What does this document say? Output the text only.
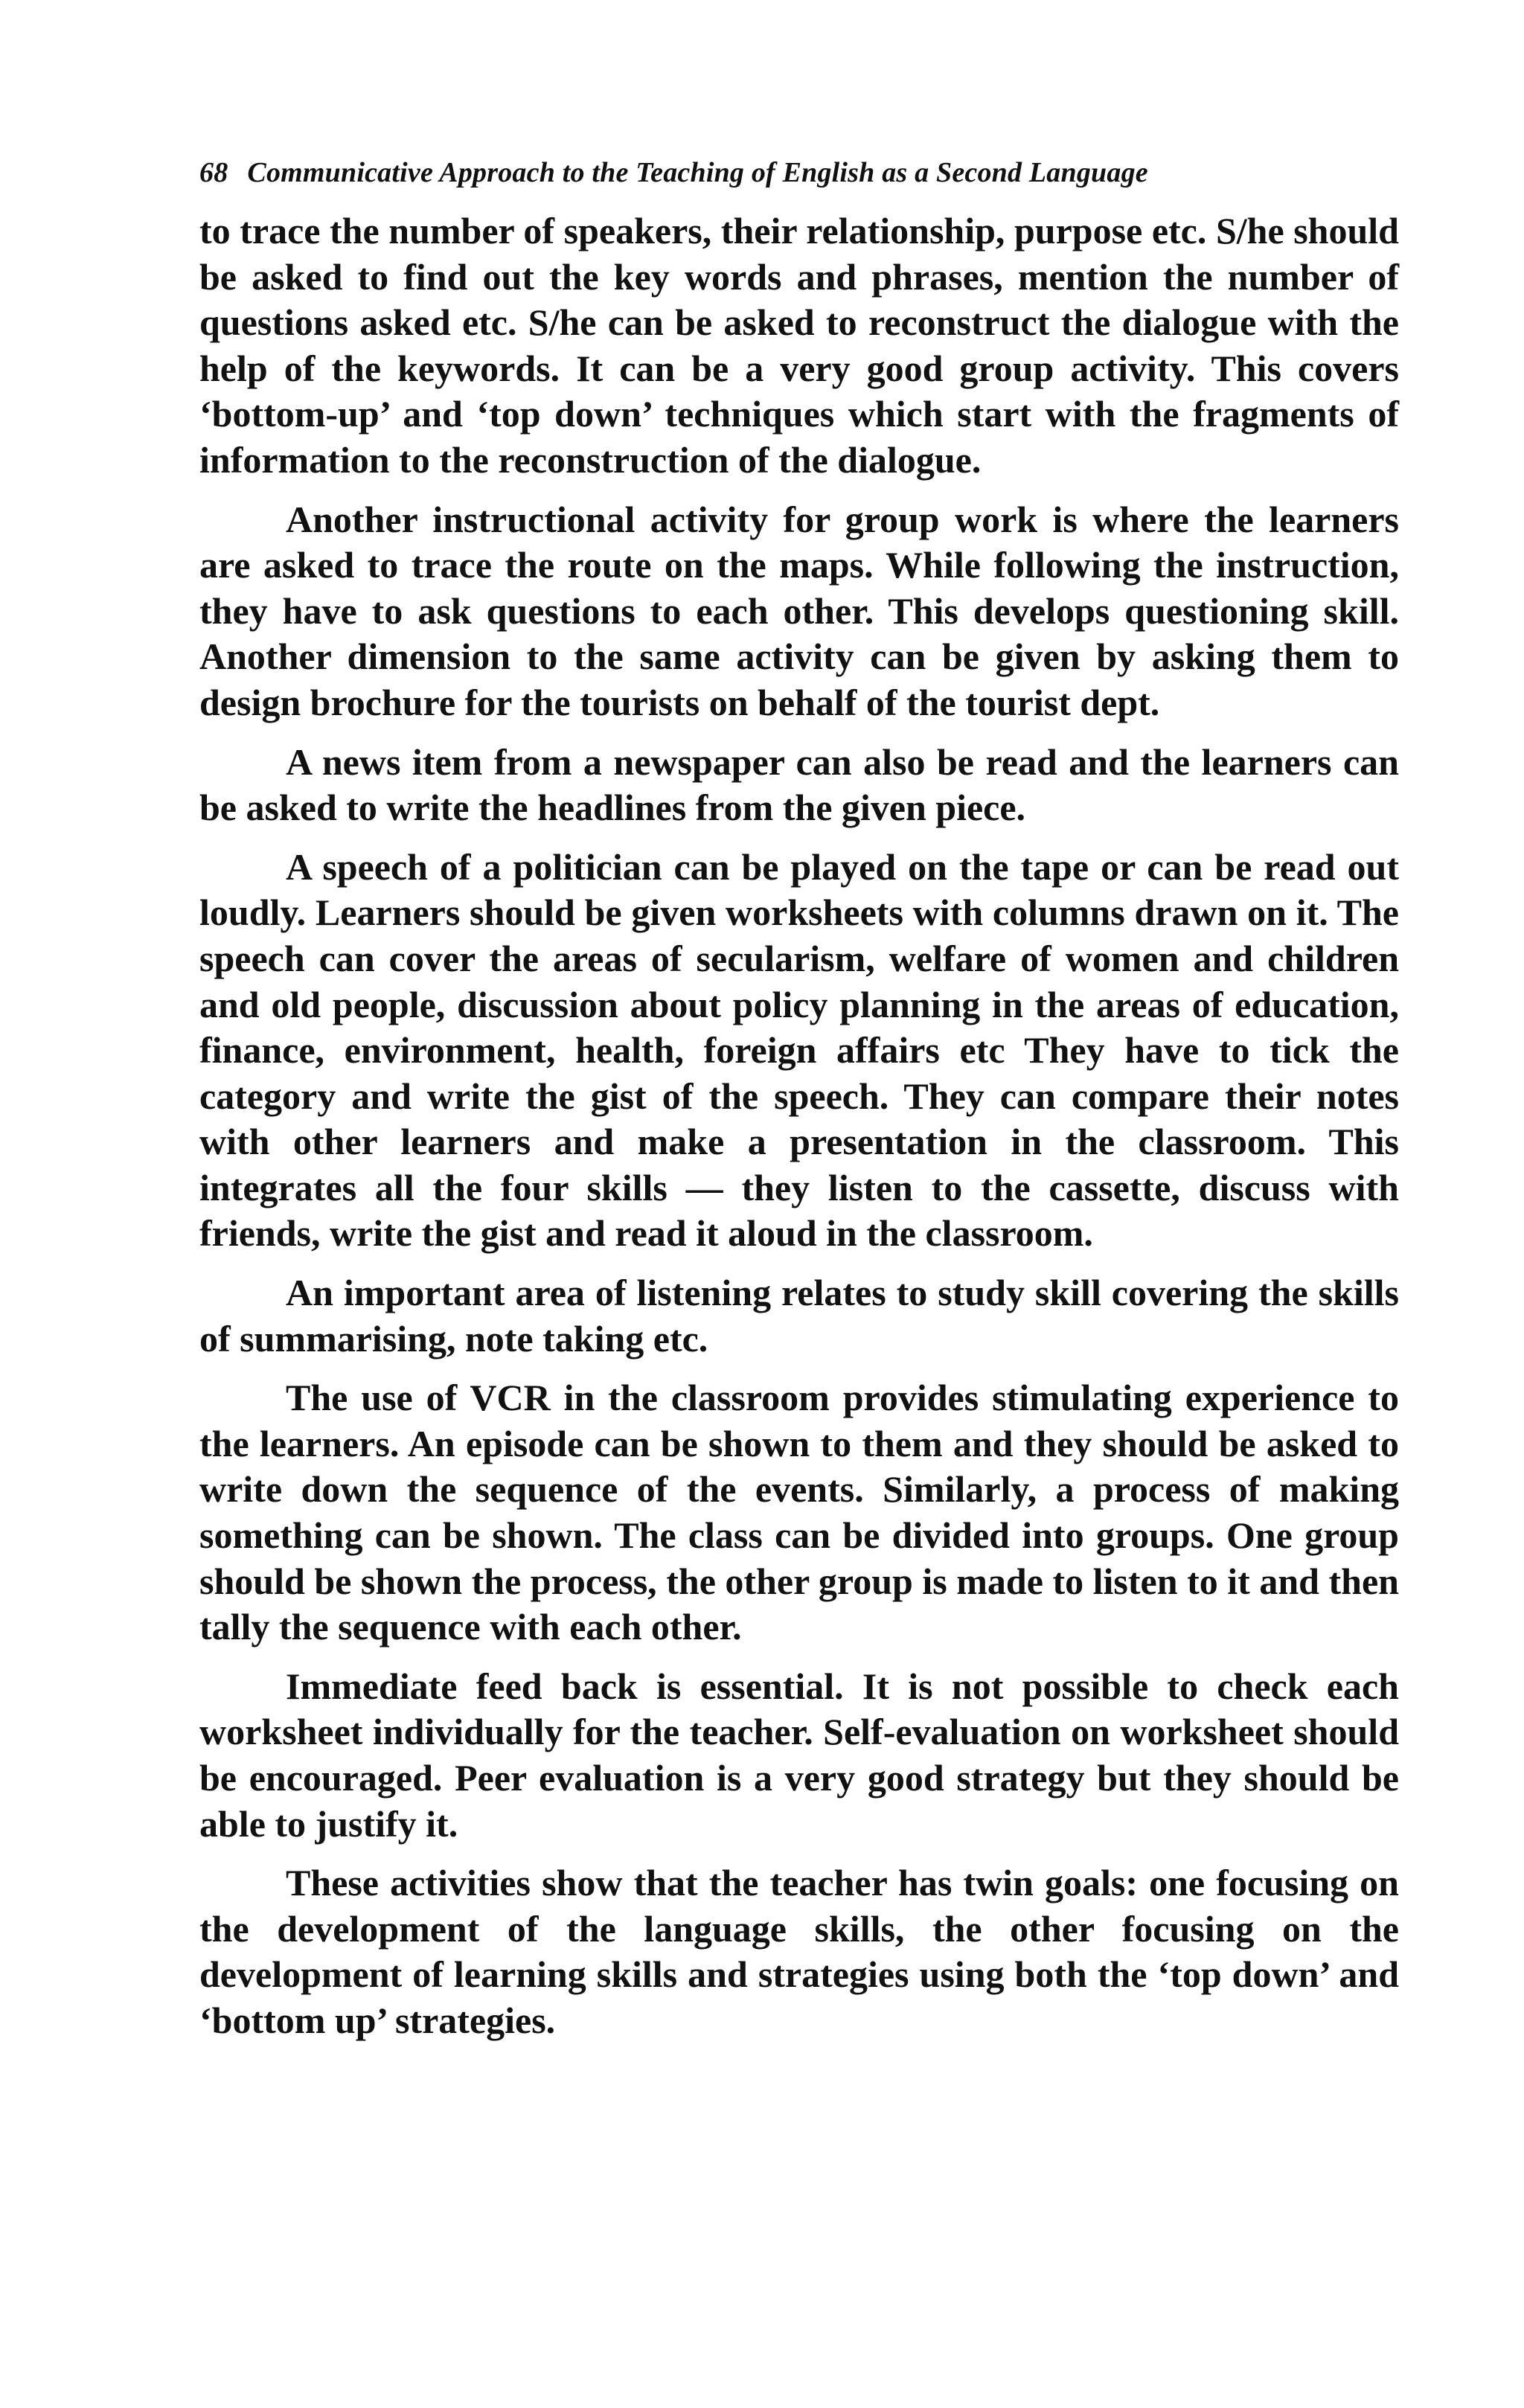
68 Communicative Approach to the Teaching of English as a Second Language

to trace the number of speakers, their relationship, purpose etc. S/he should be asked to find out the key words and phrases, mention the number of questions asked etc. S/he can be asked to reconstruct the dialogue with the help of the keywords. It can be a very good group activity. This covers ‘bottom-up’ and ‘top down’ techniques which start with the fragments of information to the reconstruction of the dialogue.

Another instructional activity for group work is where the learners are asked to trace the route on the maps. While following the instruction, they have to ask questions to each other. This develops questioning skill. Another dimension to the same activity can be given by asking them to design brochure for the tourists on behalf of the tourist dept.

A news item from a newspaper can also be read and the learners can be asked to write the headlines from the given piece.

A speech of a politician can be played on the tape or can be read out loudly. Learners should be given worksheets with columns drawn on it. The speech can cover the areas of secularism, welfare of women and children and old people, discussion about policy planning in the areas of education, finance, environment, health, foreign affairs etc They have to tick the category and write the gist of the speech. They can compare their notes with other learners and make a presentation in the classroom. This integrates all the four skills — they listen to the cassette, discuss with friends, write the gist and read it aloud in the classroom.

An important area of listening relates to study skill covering the skills of summarising, note taking etc.

The use of VCR in the classroom provides stimulating experience to the learners. An episode can be shown to them and they should be asked to write down the sequence of the events. Similarly, a process of making something can be shown. The class can be divided into groups. One group should be shown the process, the other group is made to listen to it and then tally the sequence with each other.

Immediate feed back is essential. It is not possible to check each worksheet individually for the teacher. Self-evaluation on worksheet should be encouraged. Peer evaluation is a very good strategy but they should be able to justify it.

These activities show that the teacher has twin goals: one focusing on the development of the language skills, the other focusing on the development of learning skills and strategies using both the ‘top down’ and ‘bottom up’ strategies.
